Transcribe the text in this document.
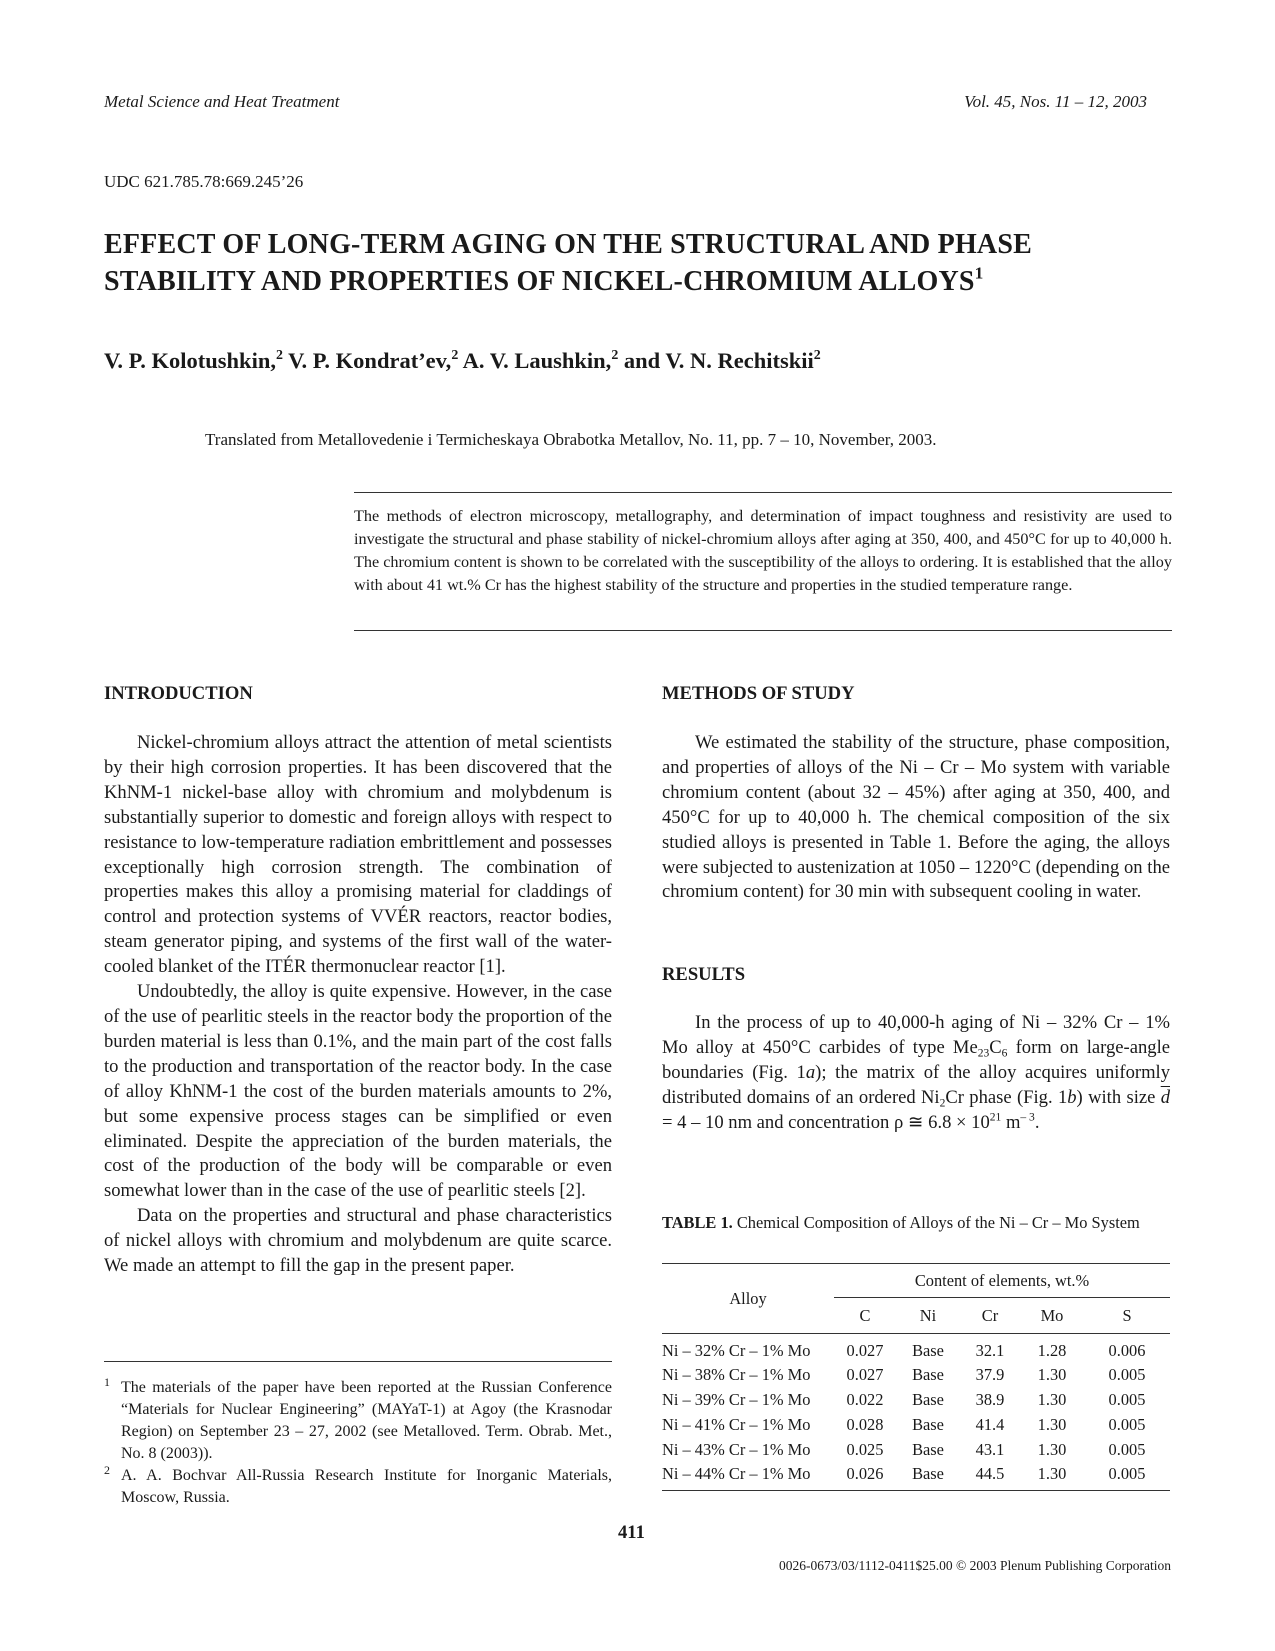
Metal Science and Heat Treatment	Vol. 45, Nos. 11 – 12, 2003
UDC 621.785.78:669.245’26
EFFECT OF LONG-TERM AGING ON THE STRUCTURAL AND PHASE
STABILITY AND PROPERTIES OF NICKEL-CHROMIUM ALLOYS$^1$
V. P. Kolotushkin,$^2$ V. P. Kondrat’ev,$^2$ A. V. Laushkin,$^2$ and V. N. Rechitskii$^2$
Translated from Metallovedenie i Termicheskaya Obrabotka Metallov, No. 11, pp. 7 – 10, November, 2003.

The methods of electron microscopy, metallography, and determination of impact toughness and resistivity are used to investigate the structural and phase stability of nickel-chromium alloys after aging at 350, 400, and 450°C for up to 40,000 h. The chromium content is shown to be correlated with the susceptibility of the alloys to ordering. It is established that the alloy with about 41 wt.% Cr has the highest stability of the structure and properties in the studied temperature range.

INTRODUCTION

Nickel-chromium alloys attract the attention of metal scientists by their high corrosion properties. It has been discovered that the KhNM-1 nickel-base alloy with chromium and molybdenum is substantially superior to domestic and foreign alloys with respect to resistance to low-temperature radiation embrittlement and possesses exceptionally high corrosion strength. The combination of properties makes this alloy a promising material for claddings of control and protection systems of VVÉR reactors, reactor bodies, steam generator piping, and systems of the first wall of the water-cooled blanket of the ITÉR thermonuclear reactor [1].

Undoubtedly, the alloy is quite expensive. However, in the case of the use of pearlitic steels in the reactor body the proportion of the burden material is less than 0.1%, and the main part of the cost falls to the production and transportation of the reactor body. In the case of alloy KhNM-1 the cost of the burden materials amounts to 2%, but some expensive process stages can be simplified or even eliminated. Despite the appreciation of the burden materials, the cost of the production of the body will be comparable or even somewhat lower than in the case of the use of pearlitic steels [2].

Data on the properties and structural and phase characteristics of nickel alloys with chromium and molybdenum are quite scarce. We made an attempt to fill the gap in the present paper.

1 The materials of the paper have been reported at the Russian Conference “Materials for Nuclear Engineering” (MAYaT-1) at Agoy (the Krasnodar Region) on September 23 – 27, 2002 (see Metalloved. Term. Obrab. Met., No. 8 (2003)).

2 A. A. Bochvar All-Russia Research Institute for Inorganic Materials, Moscow, Russia.

METHODS OF STUDY

We estimated the stability of the structure, phase composition, and properties of alloys of the Ni – Cr – Mo system with variable chromium content (about 32 – 45%) after aging at 350, 400, and 450°C for up to 40,000 h. The chemical composition of the six studied alloys is presented in Table 1. Before the aging, the alloys were subjected to austenization at 1050 – 1220°C (depending on the chromium content) for 30 min with subsequent cooling in water.

RESULTS

In the process of up to 40,000-h aging of Ni – 32% Cr – 1% Mo alloy at 450°C carbides of type $Me_{23}C_6$ form on large-angle boundaries (Fig. 1a); the matrix of the alloy acquires uniformly distributed domains of an ordered $Ni_2Cr$ phase (Fig. 1b) with size $\overline{d} = 4 - 10$ nm and concentration ρ ≅ $6.8 \times 10^{21}$ $m^{- 3}$.

TABLE 1. Chemical Composition of Alloys of the Ni – Cr – Mo System

Alloy	Content of elements, wt.%				
	C	Ni	Cr	Mo	S
Ni – 32% Cr – 1% Mo	0.027	Base	32.1	1.28	0.006
Ni – 38% Cr – 1% Mo	0.027	Base	37.9	1.30	0.005
Ni – 39% Cr – 1% Mo	0.022	Base	38.9	1.30	0.005
Ni – 41% Cr – 1% Mo	0.028	Base	41.4	1.30	0.005
Ni – 43% Cr – 1% Mo	0.025	Base	43.1	1.30	0.005
Ni – 44% Cr – 1% Mo	0.026	Base	44.5	1.30	0.005
411
0026-0673/03/1112-0411$25.00 © 2003 Plenum Publishing Corporation
